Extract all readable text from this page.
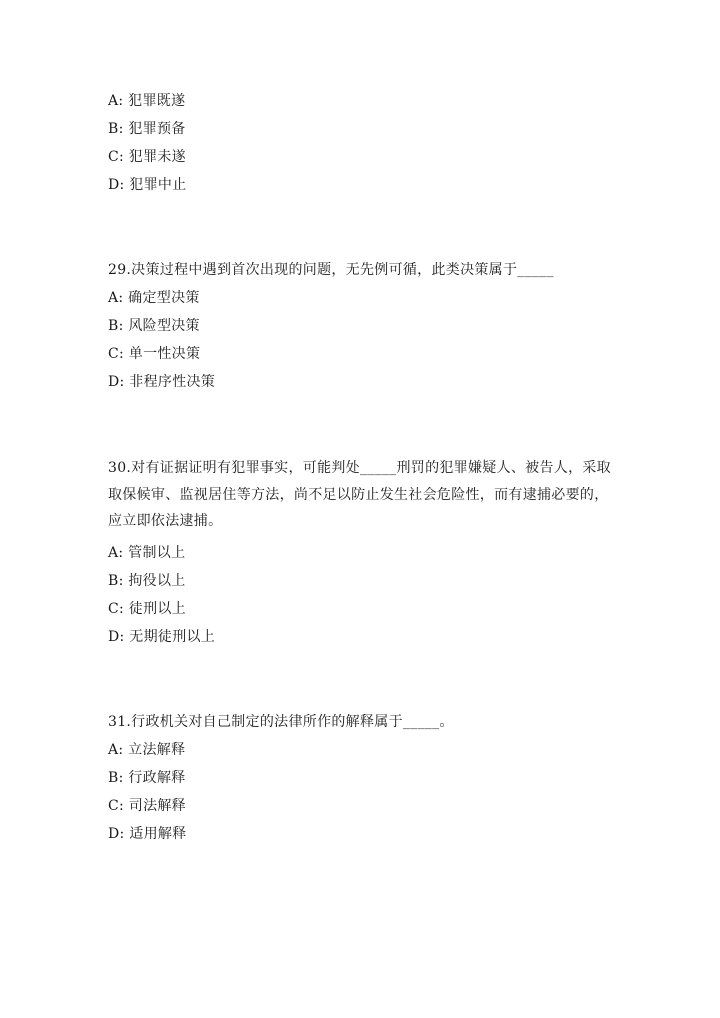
A: 犯罪既遂
B: 犯罪预备
C: 犯罪未遂
D: 犯罪中止
29.决策过程中遇到首次出现的问题，无先例可循，此类决策属于_____
A: 确定型决策
B: 风险型决策
C: 单一性决策
D: 非程序性决策
30.对有证据证明有犯罪事实，可能判处_____刑罚的犯罪嫌疑人、被告人，采取取保候审、监视居住等方法，尚不足以防止发生社会危险性，而有逮捕必要的，应立即依法逮捕。
A: 管制以上
B: 拘役以上
C: 徒刑以上
D: 无期徒刑以上
31.行政机关对自己制定的法律所作的解释属于_____。
A: 立法解释
B: 行政解释
C: 司法解释
D: 适用解释
